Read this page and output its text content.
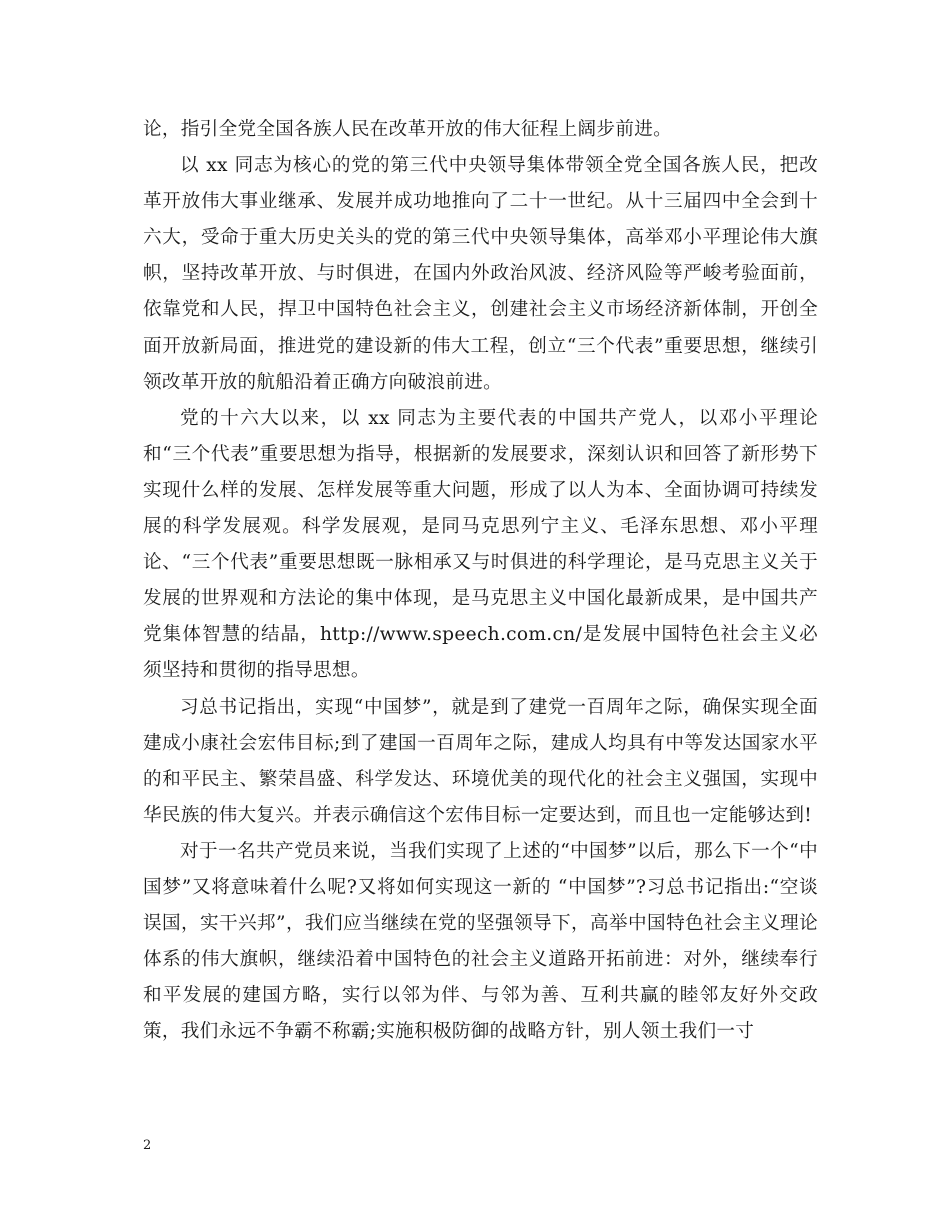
论，指引全党全国各族人民在改革开放的伟大征程上阔步前进。

以 xx 同志为核心的党的第三代中央领导集体带领全党全国各族人民，把改革开放伟大事业继承、发展并成功地推向了二十一世纪。从十三届四中全会到十六大，受命于重大历史关头的党的第三代中央领导集体，高举邓小平理论伟大旗帜，坚持改革开放、与时俱进，在国内外政治风波、经济风险等严峻考验面前，依靠党和人民，捍卫中国特色社会主义，创建社会主义市场经济新体制，开创全面开放新局面，推进党的建设新的伟大工程，创立“三个代表”重要思想，继续引领改革开放的航船沿着正确方向破浪前进。

党的十六大以来，以 xx 同志为主要代表的中国共产党人，以邓小平理论和“三个代表”重要思想为指导，根据新的发展要求，深刻认识和回答了新形势下实现什么样的发展、怎样发展等重大问题，形成了以人为本、全面协调可持续发展的科学发展观。科学发展观，是同马克思列宁主义、毛泽东思想、邓小平理论、“三个代表”重要思想既一脉相承又与时俱进的科学理论，是马克思主义关于发展的世界观和方法论的集中体现，是马克思主义中国化最新成果，是中国共产党集体智慧的结晶，http://www.speech.com.cn/是发展中国特色社会主义必须坚持和贯彻的指导思想。

习总书记指出，实现“中国梦”，就是到了建党一百周年之际，确保实现全面建成小康社会宏伟目标;到了建国一百周年之际，建成人均具有中等发达国家水平的和平民主、繁荣昌盛、科学发达、环境优美的现代化的社会主义强国，实现中华民族的伟大复兴。并表示确信这个宏伟目标一定要达到，而且也一定能够达到!

对于一名共产党员来说，当我们实现了上述的“中国梦”以后，那么下一个“中国梦”又将意味着什么呢?又将如何实现这一新的 “中国梦”?习总书记指出:“空谈误国，实干兴邦”，我们应当继续在党的坚强领导下，高举中国特色社会主义理论体系的伟大旗帜，继续沿着中国特色的社会主义道路开拓前进：对外，继续奉行和平发展的建国方略，实行以邻为伴、与邻为善、互利共赢的睦邻友好外交政策，我们永远不争霸不称霸;实施积极防御的战略方针，别人领土我们一寸

2
